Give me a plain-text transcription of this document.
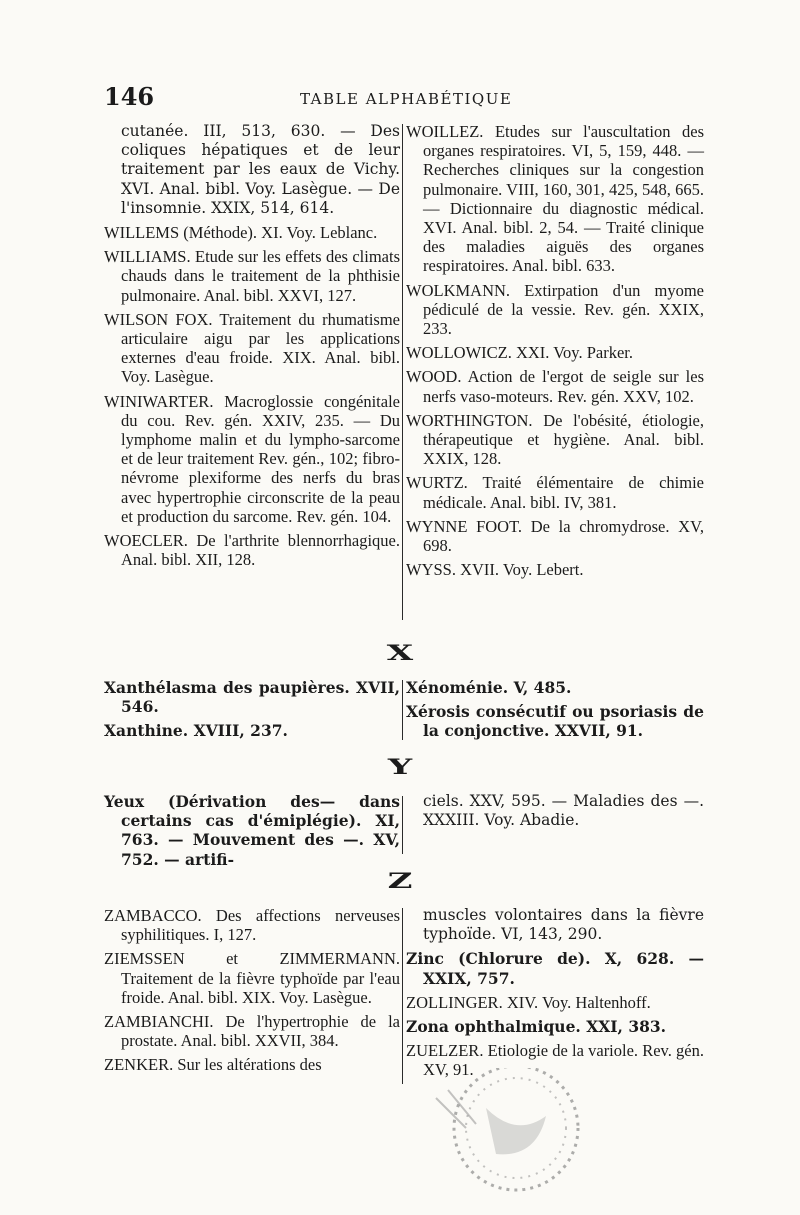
146	TABLE ALPHABÉTIQUE

cutanée. III, 513, 630. — Des coliques hépatiques et de leur traitement par les eaux de Vichy. XVI. Anal. bibl. Voy. Lasègue. — De l'insomnie. XXIX, 514, 614.

WILLEMS (Méthode). XI. Voy. Leblanc.

WILLIAMS. Etude sur les effets des climats chauds dans le traitement de la phthisie pulmonaire. Anal. bibl. XXVI, 127.

WILSON FOX. Traitement du rhumatisme articulaire aigu par les applications externes d'eau froide. XIX. Anal. bibl. Voy. Lasègue.

WINIWARTER. Macroglossie congénitale du cou. Rev. gén. XXIV, 235. — Du lymphome malin et du lympho-sarcome et de leur traitement Rev. gén., 102; fibro-névrome plexiforme des nerfs du bras avec hypertrophie circonscrite de la peau et production du sarcome. Rev. gén. 104.

WOECLER. De l'arthrite blennorrhagique. Anal. bibl. XII, 128.

WOILLEZ. Etudes sur l'auscultation des organes respiratoires. VI, 5, 159, 448. — Recherches cliniques sur la congestion pulmonaire. VIII, 160, 301, 425, 548, 665. — Dictionnaire du diagnostic médical. XVI. Anal. bibl. 2, 54. — Traité clinique des maladies aiguës des organes respiratoires. Anal. bibl. 633.

WOLKMANN. Extirpation d'un myome pédiculé de la vessie. Rev. gén. XXIX, 233.

WOLLOWICZ. XXI. Voy. Parker.

WOOD. Action de l'ergot de seigle sur les nerfs vaso-moteurs. Rev. gén. XXV, 102.

WORTHINGTON. De l'obésité, étiologie, thérapeutique et hygiène. Anal. bibl. XXIX, 128.

WURTZ. Traité élémentaire de chimie médicale. Anal. bibl. IV, 381.

WYNNE FOOT. De la chromydrose. XV, 698.

WYSS. XVII. Voy. Lebert.

X

Xanthélasma des paupières. XVII, 546.

Xanthine. XVIII, 237.

Xénoménie. V, 485.

Xérosis consécutif ou psoriasis de la conjonctive. XXVII, 91.

Y

Yeux (Dérivation des— dans certains cas d'émiplégie). XI, 763. — Mouvement des —. XV, 752. — artifi-

ciels. XXV, 595. — Maladies des —. XXXIII. Voy. Abadie.

Z

ZAMBACCO. Des affections nerveuses syphilitiques. I, 127.

ZIEMSSEN et ZIMMERMANN. Traitement de la fièvre typhoïde par l'eau froide. Anal. bibl. XIX. Voy. Lasègue.

ZAMBIANCHI. De l'hypertrophie de la prostate. Anal. bibl. XXVII, 384.

ZENKER. Sur les altérations des

muscles volontaires dans la fièvre typhoïde. VI, 143, 290.

Zinc (Chlorure de). X, 628. — XXIX, 757.

ZOLLINGER. XIV. Voy. Haltenhoff.

Zona ophthalmique. XXI, 383.

ZUELZER. Etiologie de la variole. Rev. gén. XV, 91.
